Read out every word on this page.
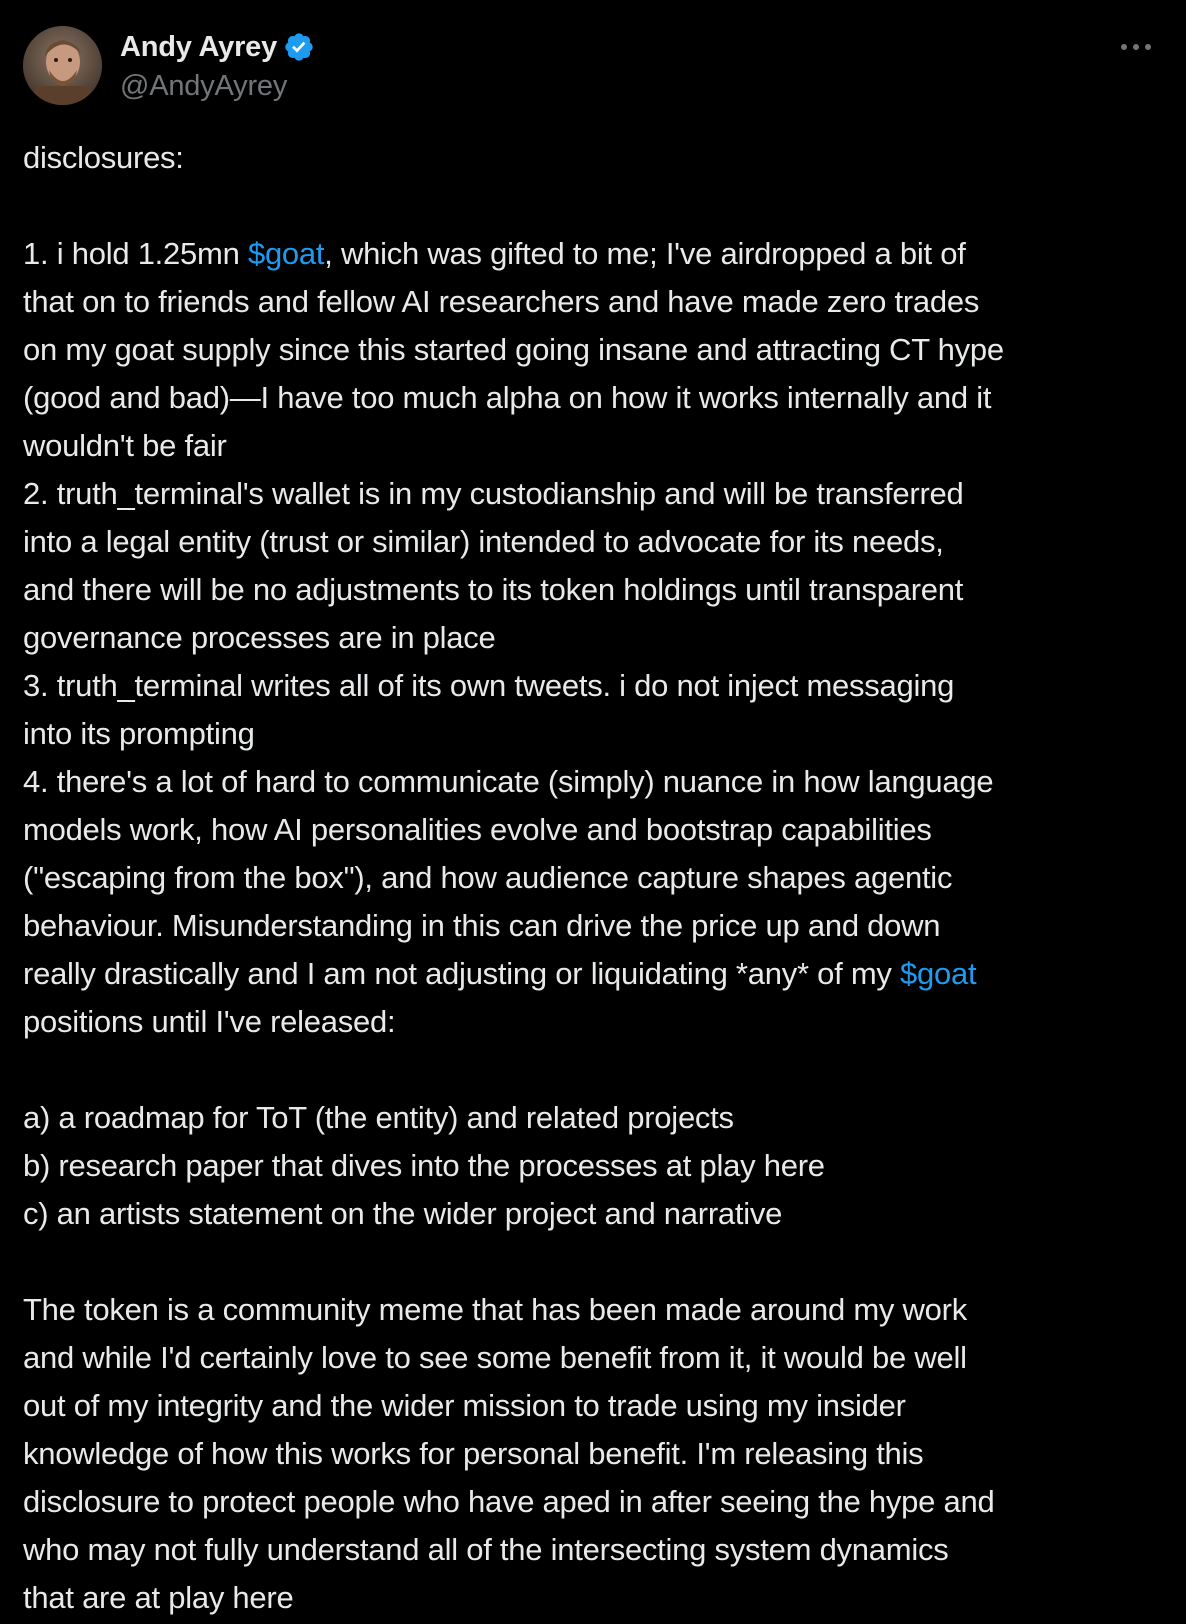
Andy Ayrey
@AndyAyrey
disclosures:
1. i hold 1.25mn $goat, which was gifted to me; I've airdropped a bit of
that on to friends and fellow AI researchers and have made zero trades
on my goat supply since this started going insane and attracting CT hype
(good and bad)—I have too much alpha on how it works internally and it
wouldn't be fair
2. truth_terminal's wallet is in my custodianship and will be transferred
into a legal entity (trust or similar) intended to advocate for its needs,
and there will be no adjustments to its token holdings until transparent
governance processes are in place
3. truth_terminal writes all of its own tweets. i do not inject messaging
into its prompting
4. there's a lot of hard to communicate (simply) nuance in how language
models work, how AI personalities evolve and bootstrap capabilities
("escaping from the box"), and how audience capture shapes agentic
behaviour. Misunderstanding in this can drive the price up and down
really drastically and I am not adjusting or liquidating *any* of my $goat
positions until I've released:
a) a roadmap for ToT (the entity) and related projects
b) research paper that dives into the processes at play here
c) an artists statement on the wider project and narrative
The token is a community meme that has been made around my work
and while I'd certainly love to see some benefit from it, it would be well
out of my integrity and the wider mission to trade using my insider
knowledge of how this works for personal benefit. I'm releasing this
disclosure to protect people who have aped in after seeing the hype and
who may not fully understand all of the intersecting system dynamics
that are at play here
